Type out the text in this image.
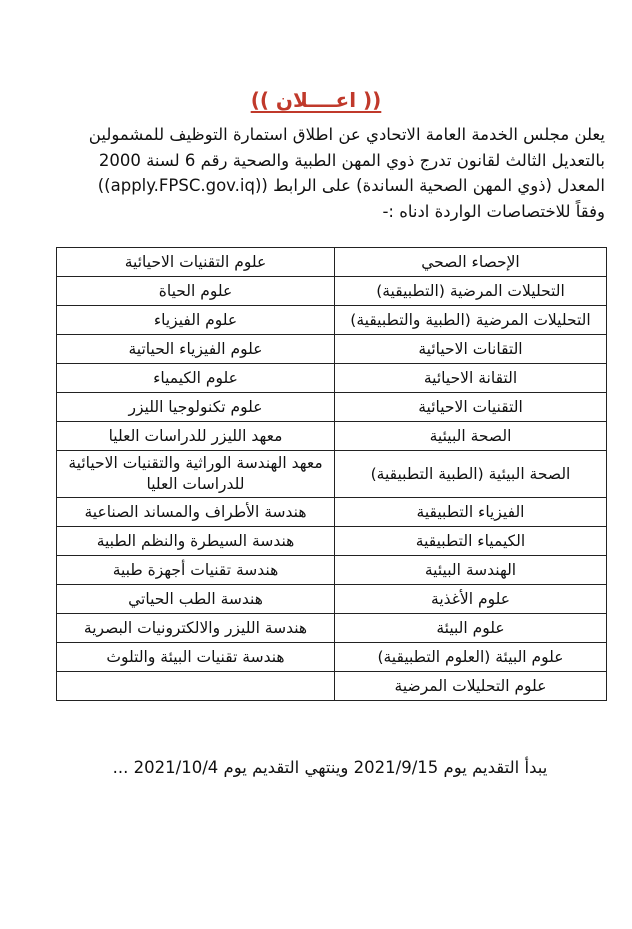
(( اعــــلان ))
يعلن مجلس الخدمة العامة الاتحادي عن اطلاق استمارة التوظيف للمشمولين
بالتعديل الثالث لقانون تدرج ذوي المهن الطبية والصحية رقم 6 لسنة 2000
المعدل (ذوي المهن الصحية الساندة) على الرابط ((apply.FPSC.gov.iq))
وفقاً للاختصاصات الواردة ادناه :-
الإحصاء الصحي	علوم التقنيات الاحيائية
التحليلات المرضية (التطبيقية)	علوم الحياة
التحليلات المرضية (الطبية والتطبيقية)	علوم الفيزياء
التقانات الاحيائية	علوم الفيزياء الحياتية
التقانة الاحيائية	علوم الكيمياء
التقنيات الاحيائية	علوم تكنولوجيا الليزر
الصحة البيئية	معهد الليزر للدراسات العليا
الصحة البيئية (الطبية التطبيقية)	معهد الهندسة الوراثية والتقنيات الاحيائية للدراسات العليا
الفيزياء التطبيقية	هندسة الأطراف والمساند الصناعية
الكيمياء التطبيقية	هندسة السيطرة والنظم الطبية
الهندسة البيئية	هندسة تقنيات أجهزة طبية
علوم الأغذية	هندسة الطب الحياتي
علوم البيئة	هندسة الليزر والالكترونيات البصرية
علوم البيئة (العلوم التطبيقية)	هندسة تقنيات البيئة والتلوث
علوم التحليلات المرضية	
يبدأ التقديم يوم 2021/9/15 وينتهي التقديم يوم 2021/10/4 ...
